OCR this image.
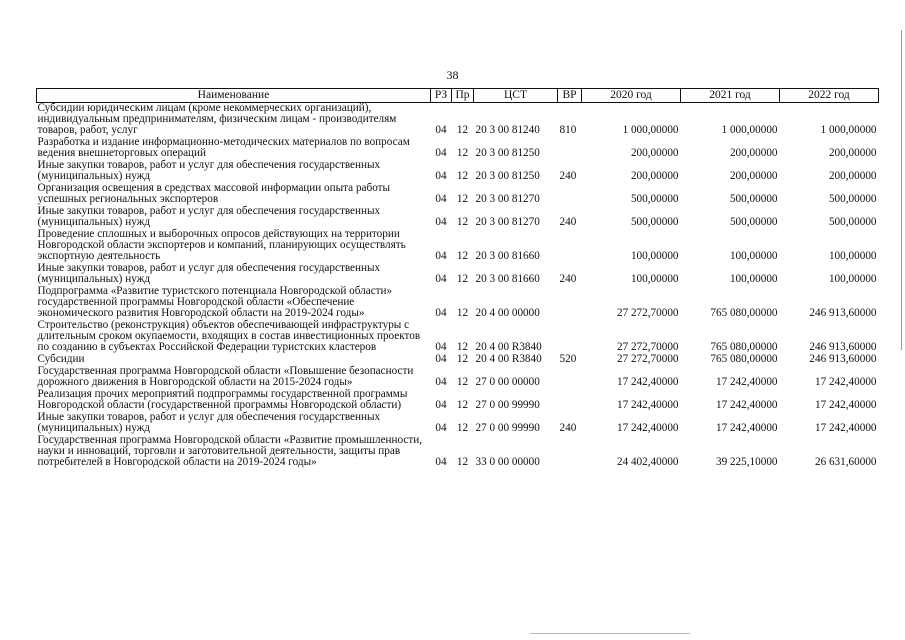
38
Наименование	РЗ	Пр	ЦСТ	ВР	2020 год	2021 год	2022 год
Субсидии юридическим лицам (кроме некоммерческих организаций), индивидуальным предпринимателям, физическим лицам - производителям товаров, работ, услуг	04	12	20 3 00 81240	810	1 000,00000	1 000,00000	1 000,00000
Разработка и издание информационно-методических материалов по вопросам ведения внешнеторговых операций	04	12	20 3 00 81250		200,00000	200,00000	200,00000
Иные закупки товаров, работ и услуг для обеспечения государственных (муниципальных) нужд	04	12	20 3 00 81250	240	200,00000	200,00000	200,00000
Организация освещения в средствах массовой информации опыта работы успешных региональных экспортеров	04	12	20 3 00 81270		500,00000	500,00000	500,00000
Иные закупки товаров, работ и услуг для обеспечения государственных (муниципальных) нужд	04	12	20 3 00 81270	240	500,00000	500,00000	500,00000
Проведение сплошных и выборочных опросов действующих на территории Новгородской области экспортеров и компаний, планирующих осуществлять экспортную деятельность	04	12	20 3 00 81660		100,00000	100,00000	100,00000
Иные закупки товаров, работ и услуг для обеспечения государственных (муниципальных) нужд	04	12	20 3 00 81660	240	100,00000	100,00000	100,00000
Подпрограмма «Развитие туристского потенциала Новгородской области» государственной программы Новгородской области «Обеспечение экономического развития Новгородской области на 2019-2024 годы»	04	12	20 4 00 00000		27 272,70000	765 080,00000	246 913,60000
Строительство (реконструкция) объектов обеспечивающей инфраструктуры с длительным сроком окупаемости, входящих в состав инвестиционных проектов по созданию в субъектах Российской Федерации туристских кластеров	04	12	20 4 00 R3840		27 272,70000	765 080,00000	246 913,60000
Субсидии	04	12	20 4 00 R3840	520	27 272,70000	765 080,00000	246 913,60000
Государственная программа Новгородской области «Повышение безопасности дорожного движения в Новгородской области на 2015-2024 годы»	04	12	27 0 00 00000		17 242,40000	17 242,40000	17 242,40000
Реализация прочих мероприятий подпрограммы государственной программы Новгородской области (государственной программы Новгородской области)	04	12	27 0 00 99990		17 242,40000	17 242,40000	17 242,40000
Иные закупки товаров, работ и услуг для обеспечения государственных (муниципальных) нужд	04	12	27 0 00 99990	240	17 242,40000	17 242,40000	17 242,40000
Государственная программа Новгородской области «Развитие промышленности, науки и инноваций, торговли и заготовительной деятельности, защиты прав потребителей в Новгородской области на 2019-2024 годы»	04	12	33 0 00 00000		24 402,40000	39 225,10000	26 631,60000
